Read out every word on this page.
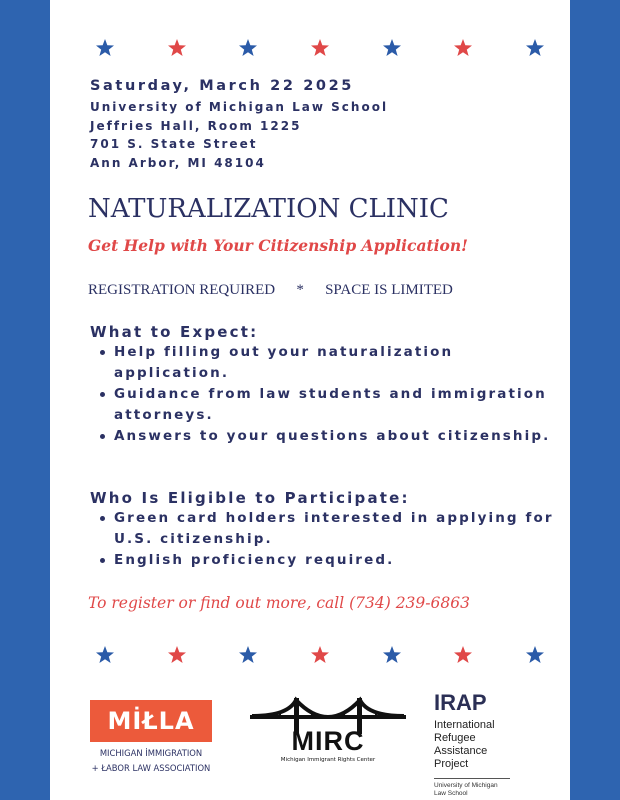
Saturday, March 22 2025
University of Michigan Law School
Jeffries Hall, Room 1225
701 S. State Street
Ann Arbor, MI 48104
NATURALIZATION CLINIC
Get Help with Your Citizenship Application!
REGISTRATION REQUIRED * SPACE IS LIMITED
What to Expect:
Help filling out your naturalization application.
Guidance from law students and immigration attorneys.
Answers to your questions about citizenship.
Who Is Eligible to Participate:
Green card holders interested in applying for U.S. citizenship.
English proficiency required.
To register or find out more, call (734) 239-6863
MİŁLA
MICHIGAN İMMIGRATION
+ ŁABOR LAW ASSOCIATION
MIRC
Michigan Immigrant Rights Center
IRAP
International
Refugee
Assistance
Project
University of Michigan
Law School
